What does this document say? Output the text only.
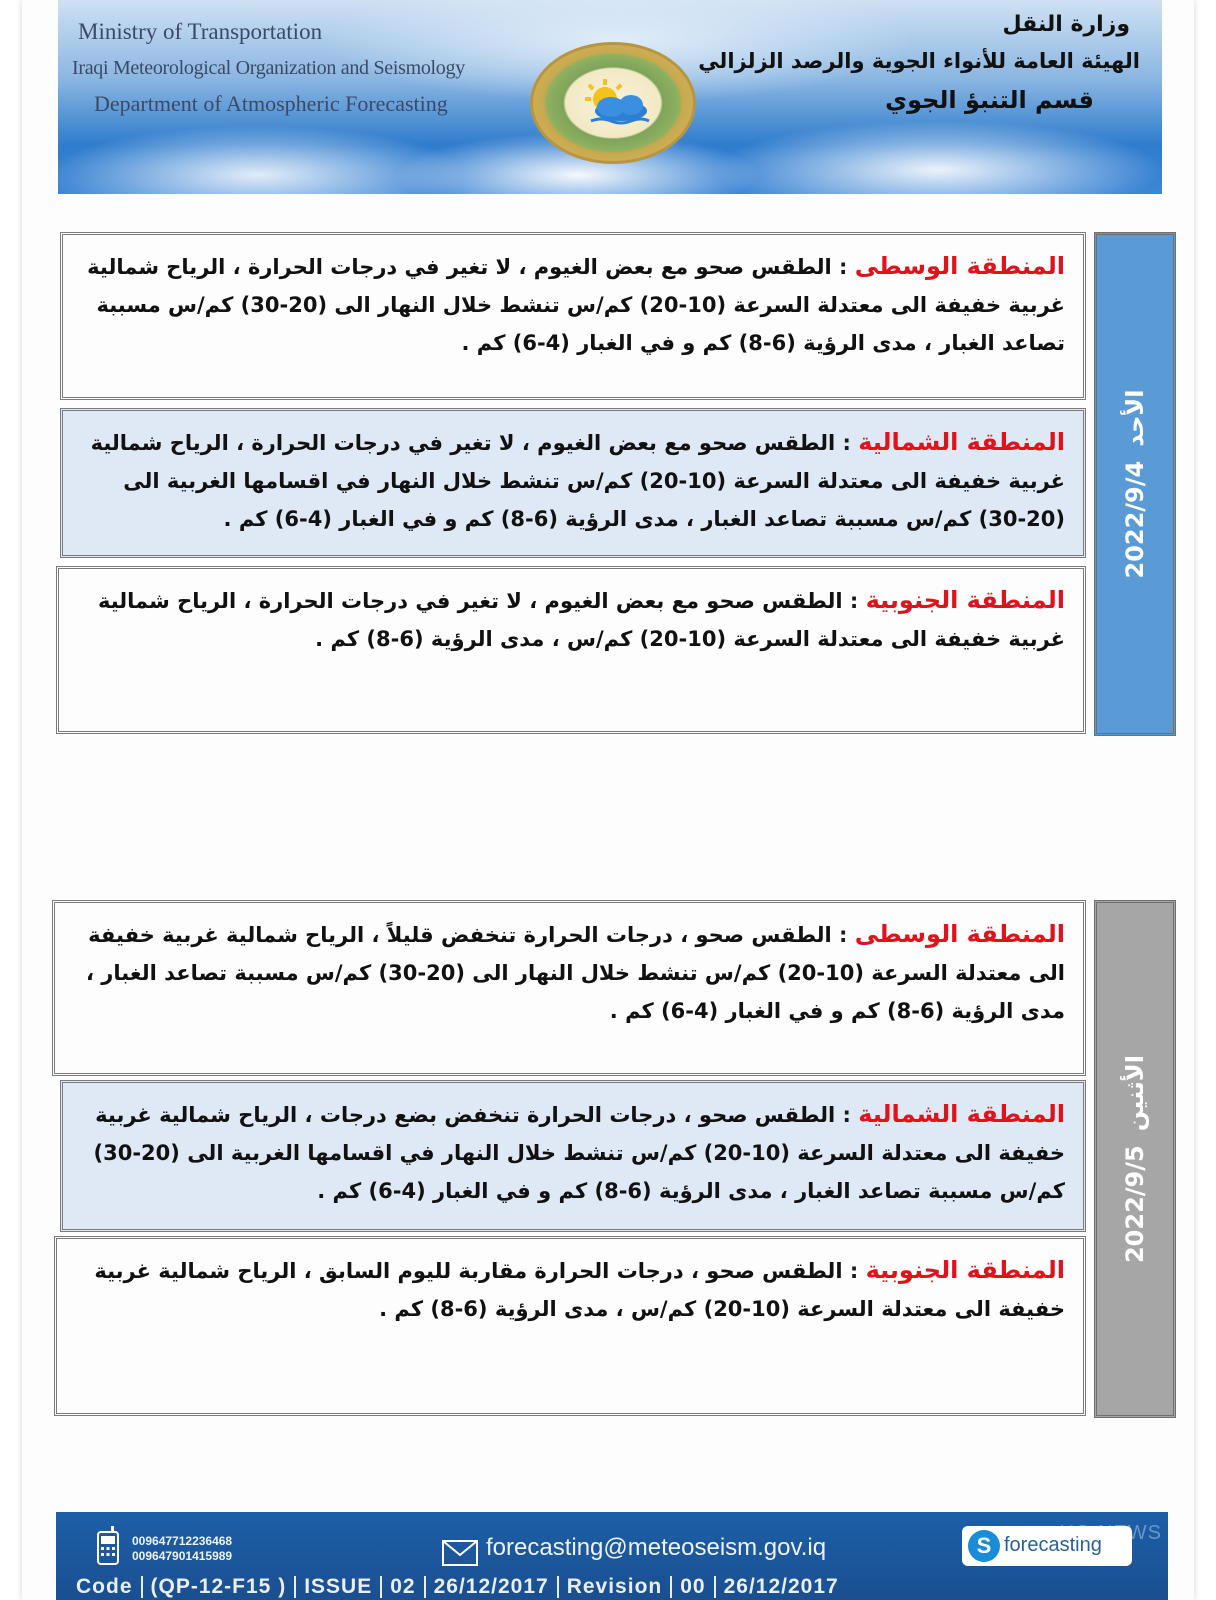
Ministry of Transportation
Iraqi Meteorological Organization and Seismology
Department of Atmospheric Forecasting
وزارة النقل
الهيئة العامة للأنواء الجوية والرصد الزلزالي
قسم التنبؤ الجوي
المنطقة الوسطى : الطقس صحو مع بعض الغيوم ، لا تغير في درجات الحرارة ، الرياح شمالية غربية خفيفة الى معتدلة السرعة (10-20) كم/س تنشط خلال النهار الى (20-30) كم/س مسببة تصاعد الغبار ، مدى الرؤية (6-8) كم و في الغبار (4-6) كم .
المنطقة الشمالية : الطقس صحو مع بعض الغيوم ، لا تغير في درجات الحرارة ، الرياح شمالية غربية خفيفة الى معتدلة السرعة (10-20) كم/س تنشط خلال النهار في اقسامها الغربية الى (20-30) كم/س مسببة تصاعد الغبار ، مدى الرؤية (6-8) كم و في الغبار (4-6) كم .
المنطقة الجنوبية : الطقس صحو مع بعض الغيوم ، لا تغير في درجات الحرارة ، الرياح شمالية غربية خفيفة الى معتدلة السرعة (10-20) كم/س ، مدى الرؤية (6-8) كم .
الأحد2022/9/4
المنطقة الوسطى : الطقس صحو ، درجات الحرارة تنخفض قليلاً ، الرياح شمالية غربية خفيفة الى معتدلة السرعة (10-20) كم/س تنشط خلال النهار الى (20-30) كم/س مسببة تصاعد الغبار ، مدى الرؤية (6-8) كم و في الغبار (4-6) كم .
المنطقة الشمالية : الطقس صحو ، درجات الحرارة تنخفض بضع درجات ، الرياح شمالية غربية خفيفة الى معتدلة السرعة (10-20) كم/س تنشط خلال النهار في اقسامها الغربية الى (20-30) كم/س مسببة تصاعد الغبار ، مدى الرؤية (6-8) كم و في الغبار (4-6) كم .
المنطقة الجنوبية : الطقس صحو ، درجات الحرارة مقاربة لليوم السابق ، الرياح شمالية غربية خفيفة الى معتدلة السرعة (10-20) كم/س ، مدى الرؤية (6-8) كم .
الأثنين2022/9/5
009647712236468
009647901415989	forecasting@meteoseism.gov.iq	S forecasting
HQ NEWS
Code (QP-12-F15 ) ISSUE 02 26/12/2017 Revision 00 26/12/2017
